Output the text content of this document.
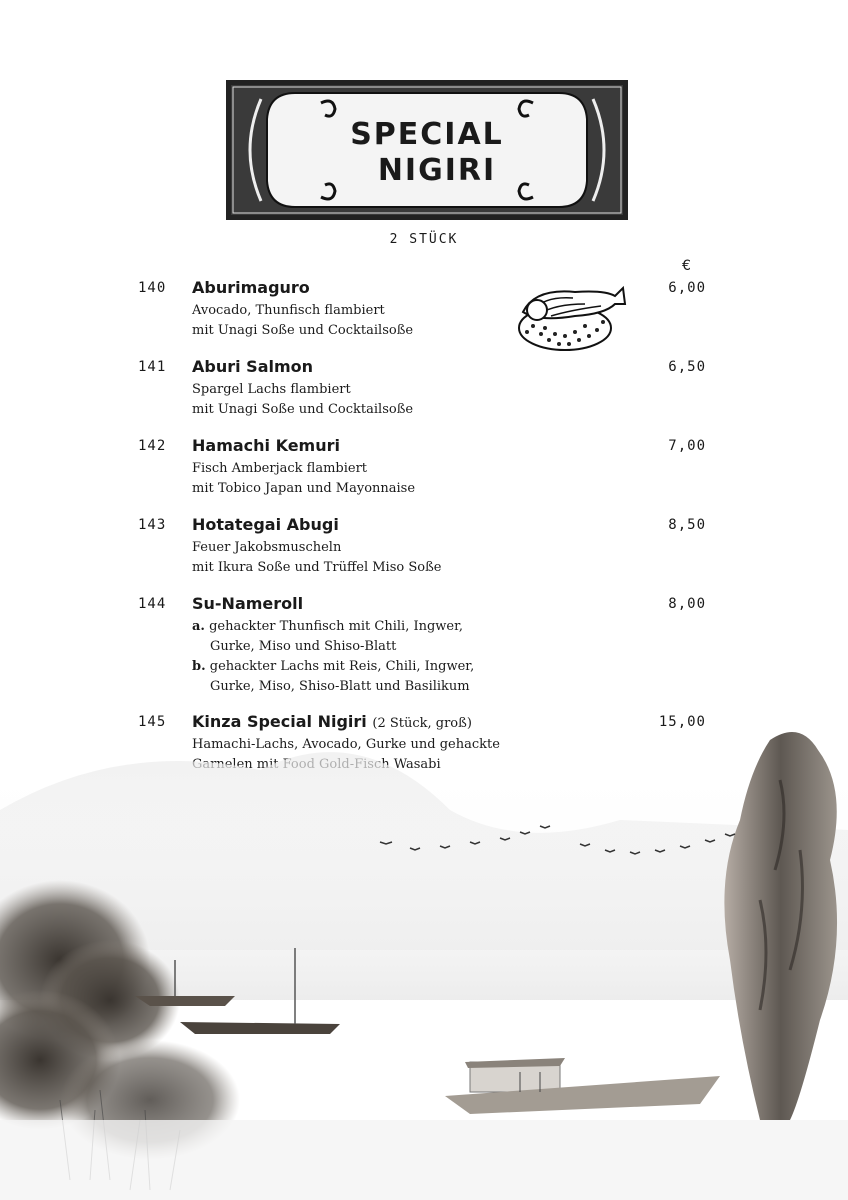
SPECIAL
NIGIRI
2 STÜCK
€
140 Aburimaguro	6,00
Avocado, Thunfisch flambiert
mit Unagi Soße und Cocktailsoße
141 Aburi Salmon	6,50
Spargel Lachs flambiert
mit Unagi Soße und Cocktailsoße
142 Hamachi Kemuri	7,00
Fisch Amberjack flambiert
mit Tobico Japan und Mayonnaise
143 Hotategai Abugi	8,50
Feuer Jakobsmuscheln
mit Ikura Soße und Trüffel Miso Soße
144 Su-Nameroll	8,00
a. gehackter Thunfisch mit Chili, Ingwer,
Gurke, Miso und Shiso-Blatt
b. gehackter Lachs mit Reis, Chili, Ingwer,
Gurke, Miso, Shiso-Blatt und Basilikum
145 Kinza Special Nigiri (2 Stück, groß)	15,00
Hamachi-Lachs, Avocado, Gurke und gehackte
